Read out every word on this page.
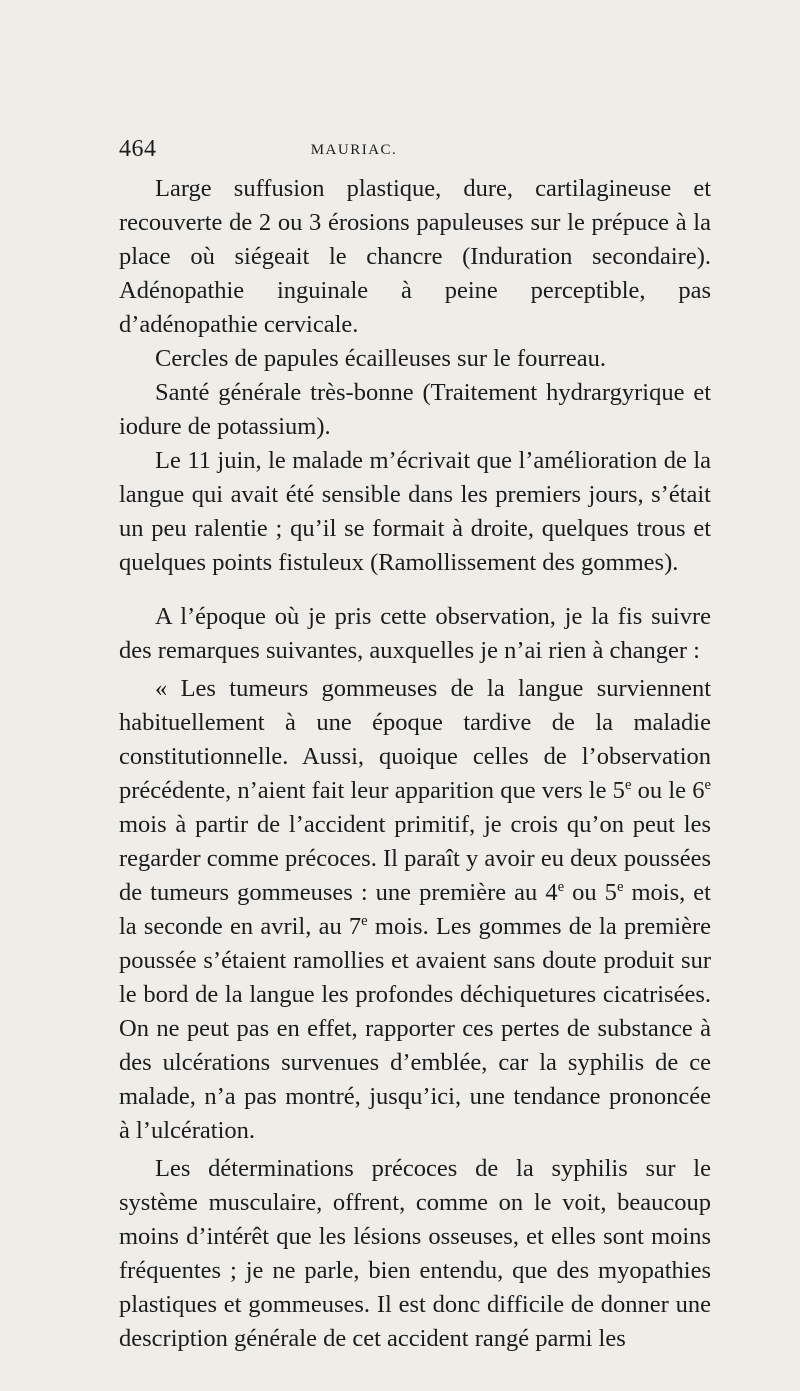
464	MAURIAC.

Large suffusion plastique, dure, cartilagineuse et recouverte de 2 ou 3 érosions papuleuses sur le prépuce à la place où siégeait le chancre (Induration secondaire). Adénopathie inguinale à peine perceptible, pas d’adénopathie cervicale.

Cercles de papules écailleuses sur le fourreau.

Santé générale très-bonne (Traitement hydrargyrique et iodure de potassium).

Le 11 juin, le malade m’écrivait que l’amélioration de la langue qui avait été sensible dans les premiers jours, s’était un peu ralentie ; qu’il se formait à droite, quelques trous et quelques points fistuleux (Ramollissement des gommes).

A l’époque où je pris cette observation, je la fis suivre des remarques suivantes, auxquelles je n’ai rien à changer :

« Les tumeurs gommeuses de la langue surviennent habituellement à une époque tardive de la maladie constitutionnelle. Aussi, quoique celles de l’observation précédente, n’aient fait leur apparition que vers le 5e ou le 6e mois à partir de l’accident primitif, je crois qu’on peut les regarder comme précoces. Il paraît y avoir eu deux poussées de tumeurs gommeuses : une première au 4e ou 5e mois, et la seconde en avril, au 7e mois. Les gommes de la première poussée s’étaient ramollies et avaient sans doute produit sur le bord de la langue les profondes déchiquetures cicatrisées. On ne peut pas en effet, rapporter ces pertes de substance à des ulcérations survenues d’emblée, car la syphilis de ce malade, n’a pas montré, jusqu’ici, une tendance prononcée à l’ulcération.

Les déterminations précoces de la syphilis sur le système musculaire, offrent, comme on le voit, beaucoup moins d’intérêt que les lésions osseuses, et elles sont moins fréquentes ; je ne parle, bien entendu, que des myopathies plastiques et gommeuses. Il est donc difficile de donner une description générale de cet accident rangé parmi les
